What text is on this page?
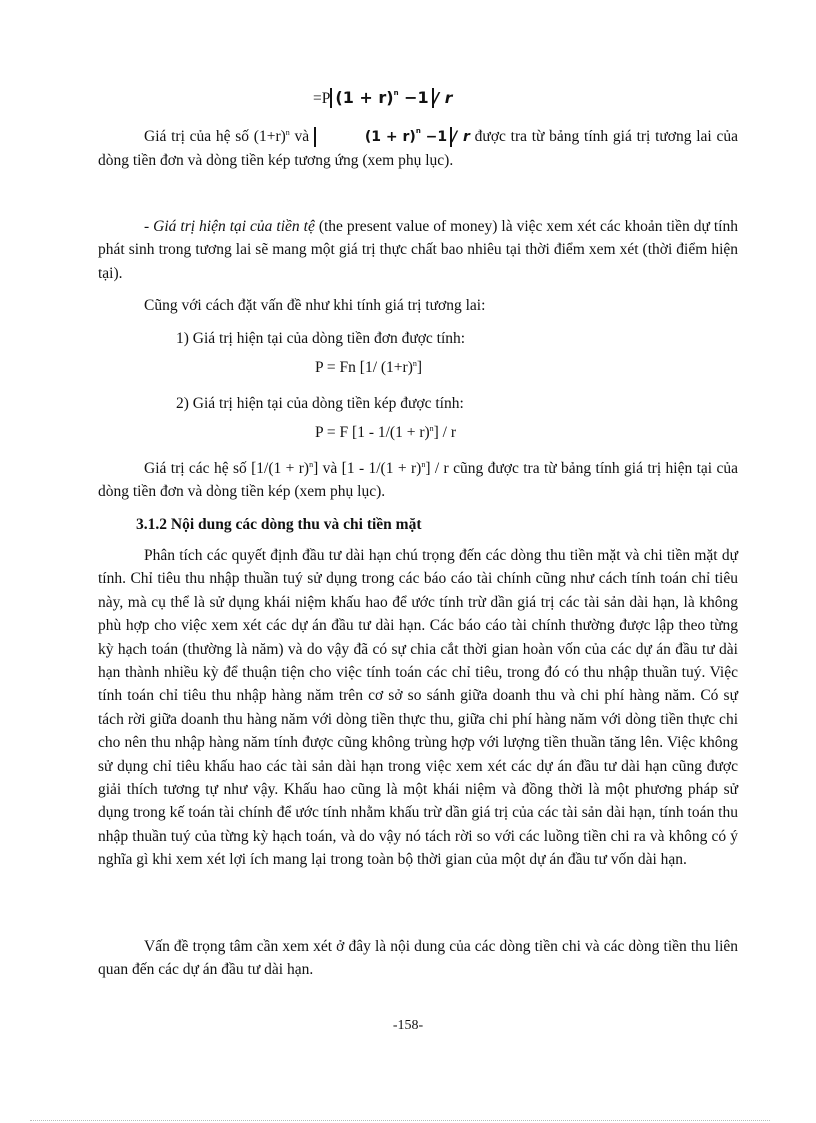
=P $(1 + r)^n -1 / r$
Giá trị của hệ số $(1+r)^n$ và	$(1 + r)^n -1 / r$ được tra từ bảng tính giá trị tương lai của dòng tiền đơn và dòng tiền kép tương ứng (xem phụ lục).
- Giá trị hiện tại của tiền tệ (the present value of money) là việc xem xét các khoản tiền dự tính phát sinh trong tương lai sẽ mang một giá trị thực chất bao nhiêu tại thời điểm xem xét (thời điểm hiện tại).
Cũng với cách đặt vấn đề như khi tính giá trị tương lai:
1) Giá trị hiện tại của dòng tiền đơn được tính:
P = Fn [1/ $(1+r)^n$]
2) Giá trị hiện tại của dòng tiền kép được tính:
P = F $[1 - 1/(1 + r)^n] / r$
Giá trị các hệ số $[1/(1 + r)^n]$ và $[1 - 1/(1 + r)^n] / r$ cũng được tra từ bảng tính giá trị hiện tại của dòng tiền đơn và dòng tiền kép (xem phụ lục).
3.1.2 Nội dung các dòng thu và chi tiền mặt
Phân tích các quyết định đầu tư dài hạn chú trọng đến các dòng thu tiền mặt và chi tiền mặt dự tính. Chỉ tiêu thu nhập thuần tuý sử dụng trong các báo cáo tài chính cũng như cách tính toán chỉ tiêu này, mà cụ thể là sử dụng khái niệm khấu hao để ước tính trừ dần giá trị các tài sản dài hạn, là không phù hợp cho việc xem xét các dự án đầu tư dài hạn. Các báo cáo tài chính thường được lập theo từng kỳ hạch toán (thường là năm) và do vậy đã có sự chia cắt thời gian hoàn vốn của các dự án đầu tư dài hạn thành nhiều kỳ để thuận tiện cho việc tính toán các chỉ tiêu, trong đó có thu nhập thuần tuý. Việc tính toán chỉ tiêu thu nhập hàng năm trên cơ sở so sánh giữa doanh thu và chi phí hàng năm. Có sự tách rời giữa doanh thu hàng năm với dòng tiền thực thu, giữa chi phí hàng năm với dòng tiền thực chi cho nên thu nhập hàng năm tính được cũng không trùng hợp với lượng tiền thuần tăng lên. Việc không sử dụng chỉ tiêu khấu hao các tài sản dài hạn trong việc xem xét các dự án đầu tư dài hạn cũng được giải thích tương tự như vậy. Khấu hao cũng là một khái niệm và đồng thời là một phương pháp sử dụng trong kế toán tài chính để ước tính nhằm khấu trừ dần giá trị của các tài sản dài hạn, tính toán thu nhập thuần tuý của từng kỳ hạch toán, và do vậy nó tách rời so với các luồng tiền chi ra và không có ý nghĩa gì khi xem xét lợi ích mang lại trong toàn bộ thời gian của một dự án đầu tư vốn dài hạn.
Vấn đề trọng tâm cần xem xét ở đây là nội dung của các dòng tiền chi và các dòng tiền thu liên quan đến các dự án đầu tư dài hạn.
-158-
